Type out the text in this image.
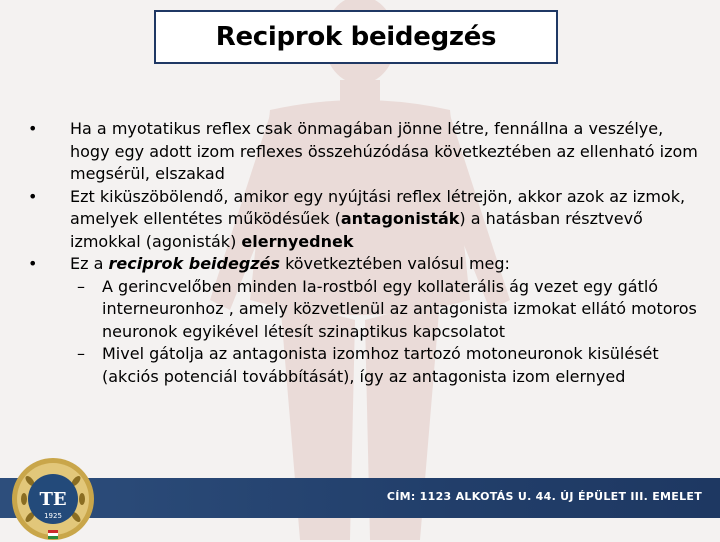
Reciprok beidegzés
•	Ha a myotatikus reflex csak önmagában jönne létre, fennállna a veszélye, hogy egy adott izom reflexes összehúzódása következtében az ellenható izom megsérül, elszakad
•	Ezt kiküszöbölendő, amikor egy nyújtási reflex létrejön, akkor azok az izmok, amelyek ellentétes működésűek (antagonisták) a hatásban résztvevő izmokkal (agonisták) elernyednek
•	Ez a reciprok beidegzés következtében valósul meg:
–	A gerincvelőben minden Ia-rostból egy kollaterális ág vezet egy gátló interneuronhoz , amely közvetlenül az antagonista izmokat ellátó motoros neuronok egyikével létesít szinaptikus kapcsolatot
–	Mivel gátolja az antagonista izomhoz tartozó motoneuronok kisülését (akciós potenciál továbbítását), így az antagonista izom elernyed
CÍM: 1123 ALKOTÁS U. 44. ÚJ ÉPÜLET III. EMELET
TE
1925
